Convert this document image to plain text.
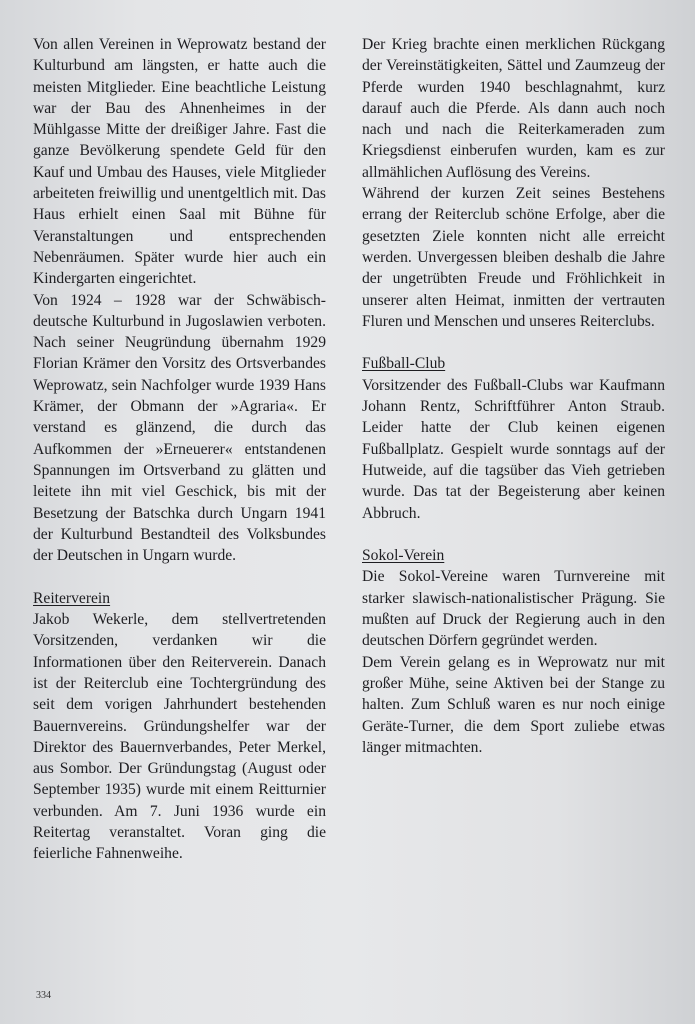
Von allen Vereinen in Weprowatz bestand der Kulturbund am längsten, er hatte auch die meisten Mitglieder. Eine beachtliche Leistung war der Bau des Ahnenheimes in der Mühlgasse Mitte der dreißiger Jahre. Fast die ganze Bevölkerung spendete Geld für den Kauf und Umbau des Hauses, viele Mitglieder arbeiteten freiwillig und unentgeltlich mit. Das Haus erhielt einen Saal mit Bühne für Veranstaltungen und entsprechenden Nebenräumen. Später wurde hier auch ein Kindergarten eingerichtet.

Von 1924 – 1928 war der Schwäbisch-deutsche Kulturbund in Jugoslawien verboten. Nach seiner Neugründung übernahm 1929 Florian Krämer den Vorsitz des Ortsverbandes Weprowatz, sein Nachfolger wurde 1939 Hans Krämer, der Obmann der »Agraria«. Er verstand es glänzend, die durch das Aufkommen der »Erneuerer« entstandenen Spannungen im Ortsverband zu glätten und leitete ihn mit viel Geschick, bis mit der Besetzung der Batschka durch Ungarn 1941 der Kulturbund Bestandteil des Volksbundes der Deutschen in Ungarn wurde.

Reiterverein

Jakob Wekerle, dem stellvertretenden Vorsitzenden, verdanken wir die Informationen über den Reiterverein. Danach ist der Reiterclub eine Tochtergründung des seit dem vorigen Jahrhundert bestehenden Bauernvereins. Gründungshelfer war der Direktor des Bauernverbandes, Peter Merkel, aus Sombor. Der Gründungstag (August oder September 1935) wurde mit einem Reitturnier verbunden. Am 7. Juni 1936 wurde ein Reitertag veranstaltet. Voran ging die feierliche Fahnenweihe.

Der Krieg brachte einen merklichen Rückgang der Vereinstätigkeiten, Sättel und Zaumzeug der Pferde wurden 1940 beschlagnahmt, kurz darauf auch die Pferde. Als dann auch noch nach und nach die Reiterkameraden zum Kriegsdienst einberufen wurden, kam es zur allmählichen Auflösung des Vereins.

Während der kurzen Zeit seines Bestehens errang der Reiterclub schöne Erfolge, aber die gesetzten Ziele konnten nicht alle erreicht werden. Unvergessen bleiben deshalb die Jahre der ungetrübten Freude und Fröhlichkeit in unserer alten Heimat, inmitten der vertrauten Fluren und Menschen und unseres Reiterclubs.

Fußball-Club

Vorsitzender des Fußball-Clubs war Kaufmann Johann Rentz, Schriftführer Anton Straub. Leider hatte der Club keinen eigenen Fußballplatz. Gespielt wurde sonntags auf der Hutweide, auf die tagsüber das Vieh getrieben wurde. Das tat der Begeisterung aber keinen Abbruch.

Sokol-Verein

Die Sokol-Vereine waren Turnvereine mit starker slawisch-nationalistischer Prägung. Sie mußten auf Druck der Regierung auch in den deutschen Dörfern gegründet werden.

Dem Verein gelang es in Weprowatz nur mit großer Mühe, seine Aktiven bei der Stange zu halten. Zum Schluß waren es nur noch einige Geräte-Turner, die dem Sport zuliebe etwas länger mitmachten.

334
